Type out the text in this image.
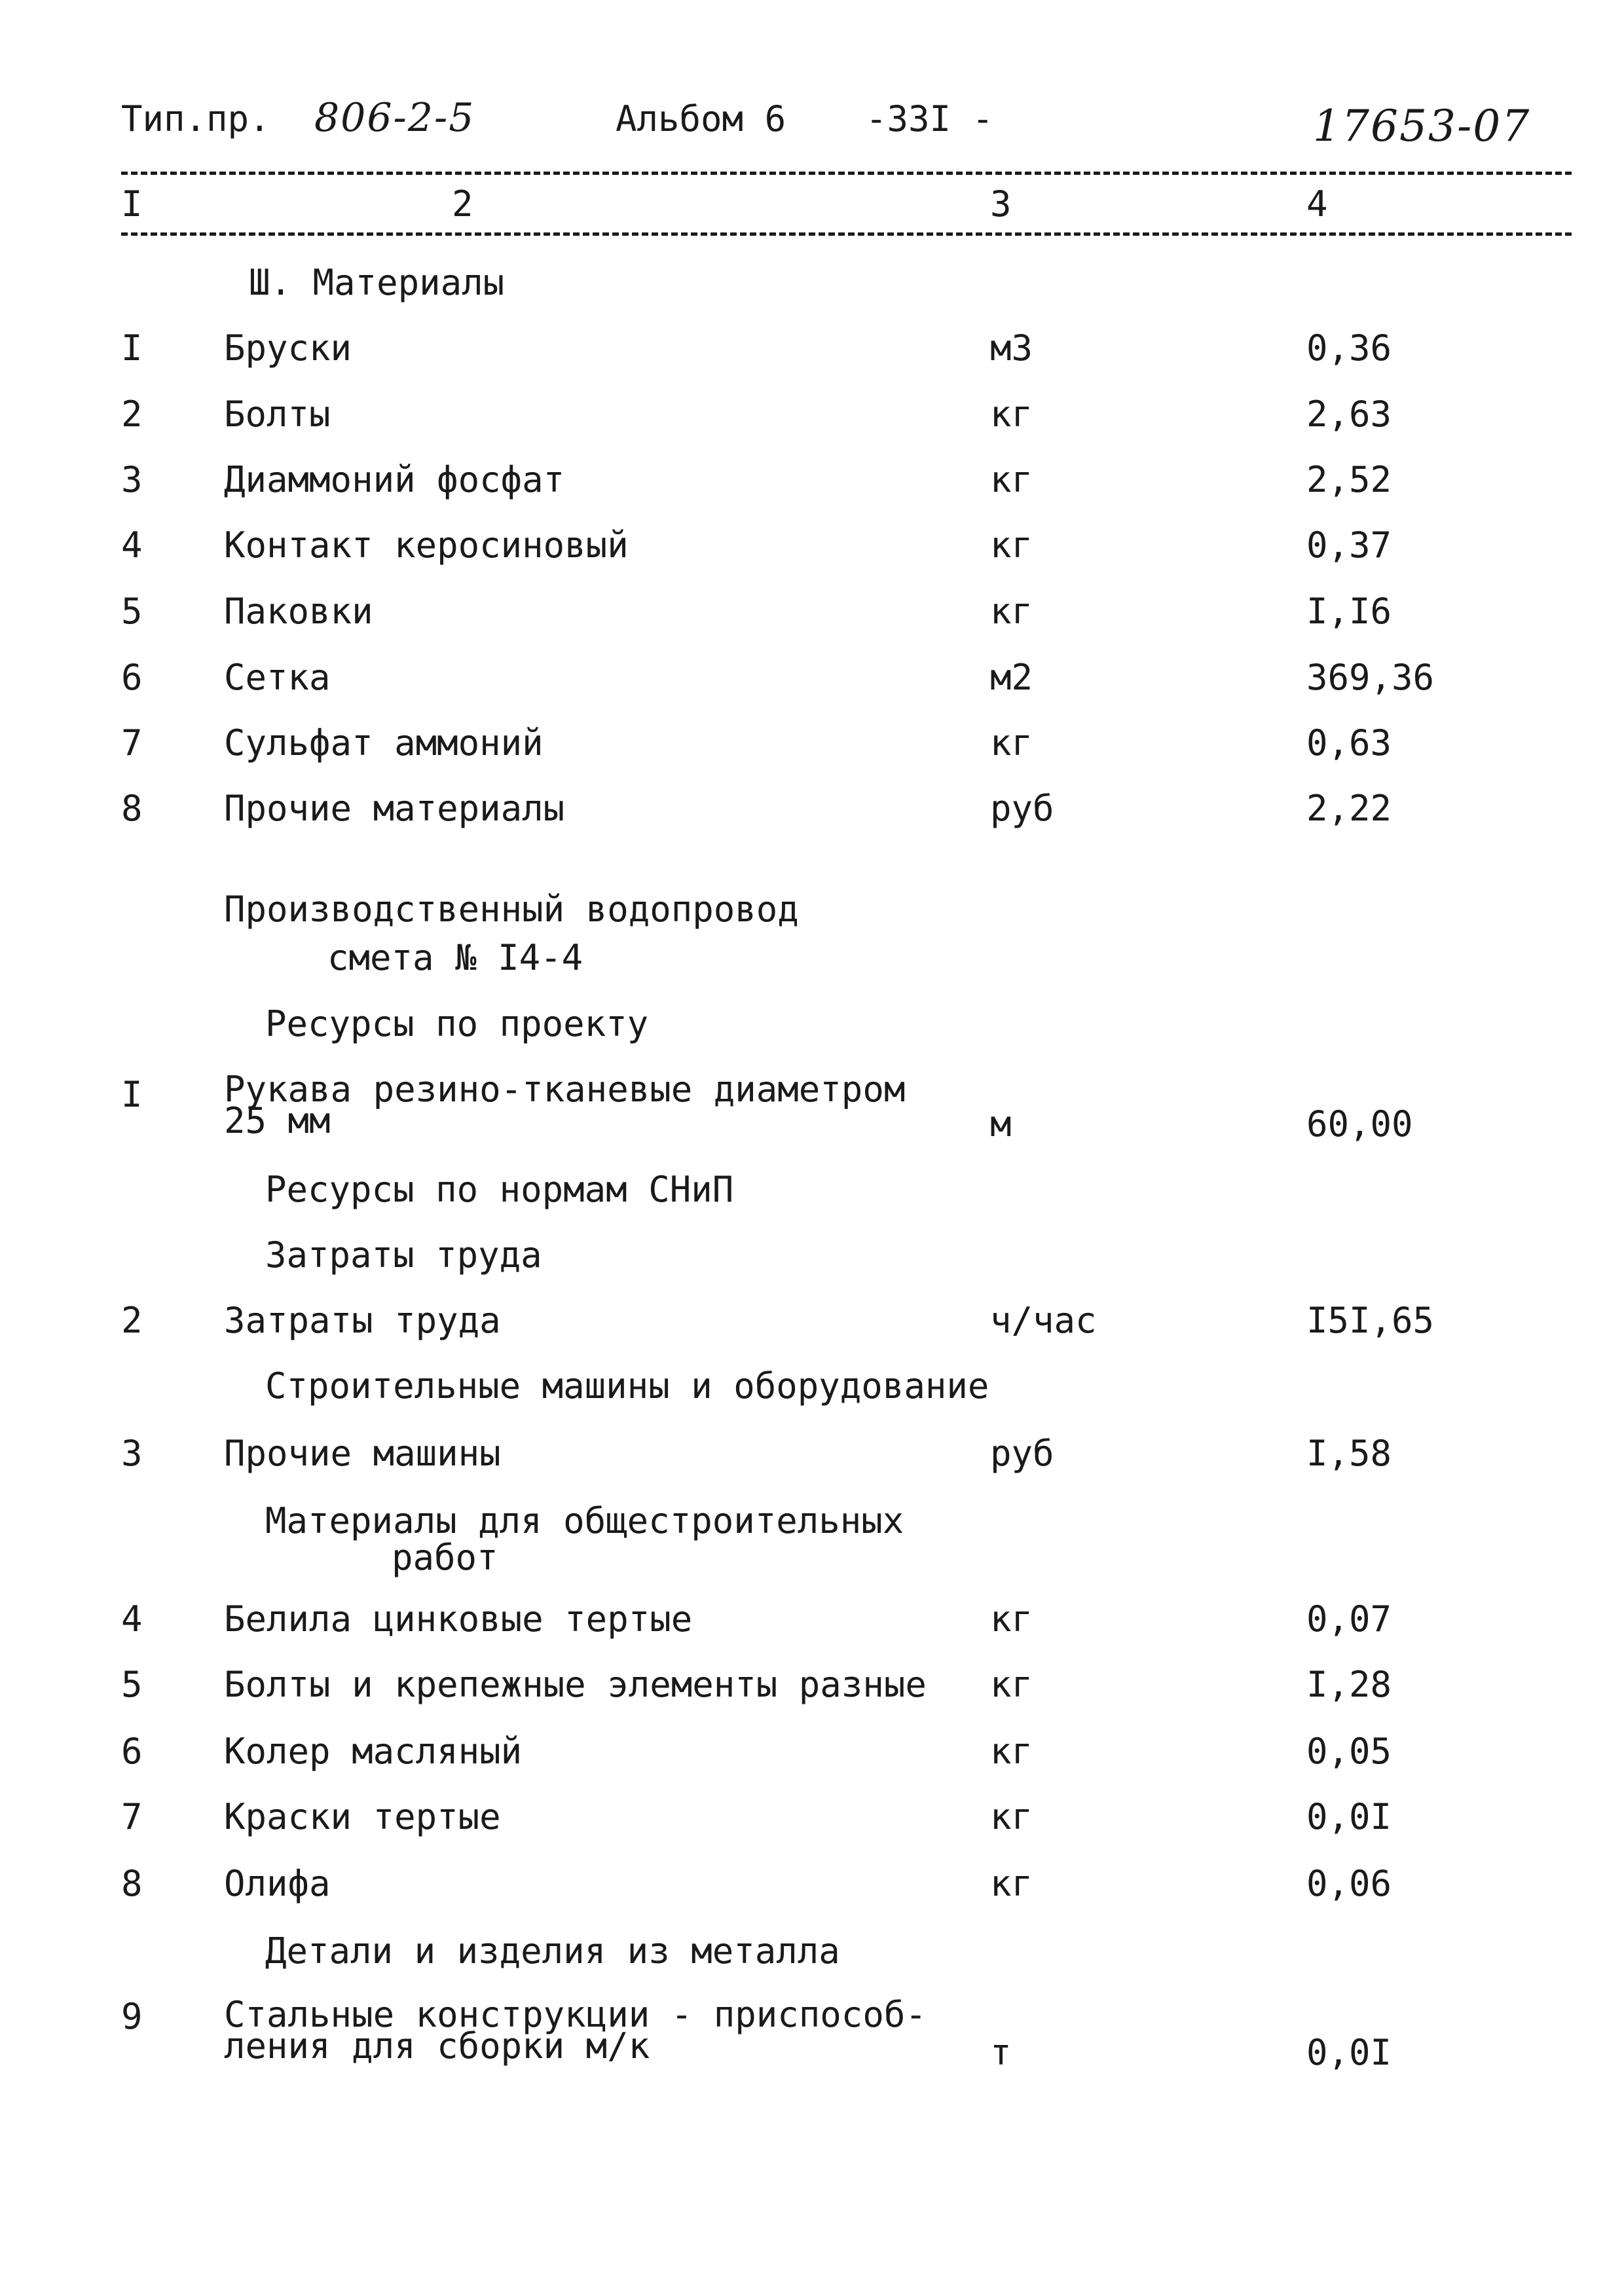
Тип.пр. 806-2-5	Альбом 6 -33I -	17653-07
I	2	3	4
Ш. Материалы
I Бруски	м3	0,36
2 Болты	кг	2,63
3 Диаммоний фосфат	кг	2,52
4 Контакт керосиновый	кг	0,37
5 Паковки	кг	I,I6
6 Сетка	м2	369,36
7 Сульфат аммоний	кг	0,63
8 Прочие материалы	руб	2,22
Производственный водопровод
смета № I4-4
Ресурсы по проекту
I Рукава резино-тканевые диаметром
25 мм	м	60,00
Ресурсы по нормам СНиП
Затраты труда
2 Затраты труда	ч/час	I5I,65
Строительные машины и оборудование
3 Прочие машины	руб	I,58
Материалы для общестроительных
работ
4 Белила цинковые тертые	кг	0,07
5 Болты и крепежные элементы разные кг	I,28
6 Колер масляный	кг	0,05
7 Краски тертые	кг	0,0I
8 Олифа	кг	0,06
Детали и изделия из металла
9 Стальные конструкции - приспособ-
ления для сборки м/к	т	0,0I
